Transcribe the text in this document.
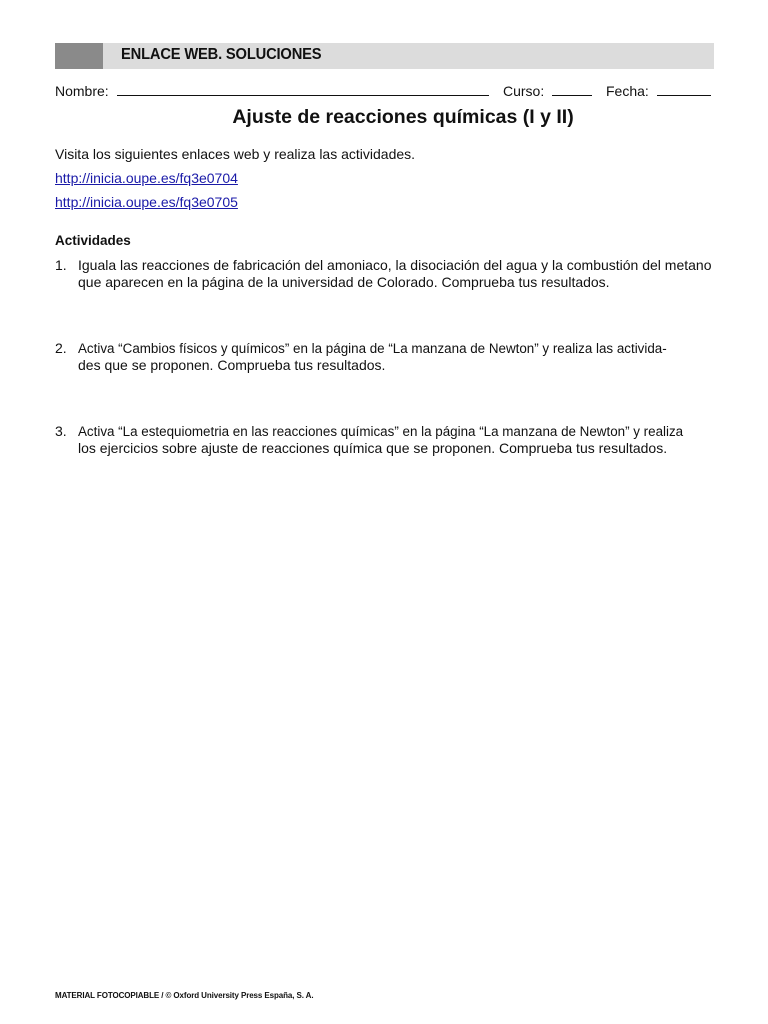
ENLACE WEB. SOLUCIONES
Nombre:	Curso:	Fecha:
Ajuste de reacciones químicas (I y II)
Visita los siguientes enlaces web y realiza las actividades.
http://inicia.oupe.es/fq3e0704
http://inicia.oupe.es/fq3e0705
Actividades
1. Iguala las reacciones de fabricación del amoniaco, la disociación del agua y la combustión del metano
que aparecen en la página de la universidad de Colorado. Comprueba tus resultados.
2. Activa “Cambios físicos y químicos” en la página de “La manzana de Newton” y realiza las activida-
des que se proponen. Comprueba tus resultados.
3. Activa “La estequiometria en las reacciones químicas” en la página “La manzana de Newton” y realiza
los ejercicios sobre ajuste de reacciones química que se proponen. Comprueba tus resultados.
MATERIAL FOTOCOPIABLE / © Oxford University Press España, S. A.
